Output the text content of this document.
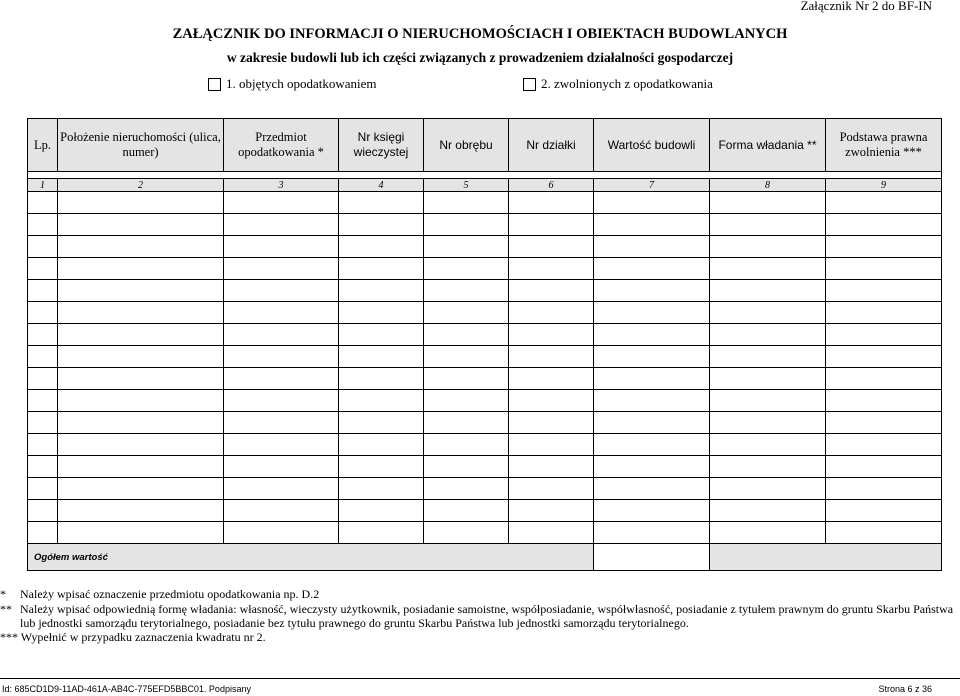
Załącznik Nr 2 do BF-IN
ZAŁĄCZNIK DO INFORMACJI O NIERUCHOMOŚCIACH I OBIEKTACH BUDOWLANYCH
w zakresie budowli lub ich części związanych z prowadzeniem działalności gospodarczej
1. objętych opodatkowaniem	2. zwolnionych z opodatkowania
Lp.	Położenie nieruchomości (ulica, numer)	Przedmiot opodatkowania *	Nr księgi wieczystej	Nr obrębu	Nr działki	Wartość budowli	Forma władania **	Podstawa prawna zwolnienia ***

1	2	3	4	5	6	7	8	9

Ogółem wartość								
* Należy wpisać oznaczenie przedmiotu opodatkowania np. D.2
** Należy wpisać odpowiednią formę władania: własność, wieczysty użytkownik, posiadanie samoistne, współposiadanie, współwłasność, posiadanie z tytułem prawnym do gruntu Skarbu Państwa
lub jednostki samorządu terytorialnego, posiadanie bez tytułu prawnego do gruntu Skarbu Państwa lub jednostki samorządu terytorialnego.
*** Wypełnić w przypadku zaznaczenia kwadratu nr 2.
Id: 685CD1D9-11AD-461A-AB4C-775EFD5BBC01. Podpisany	Strona 6 z 36
